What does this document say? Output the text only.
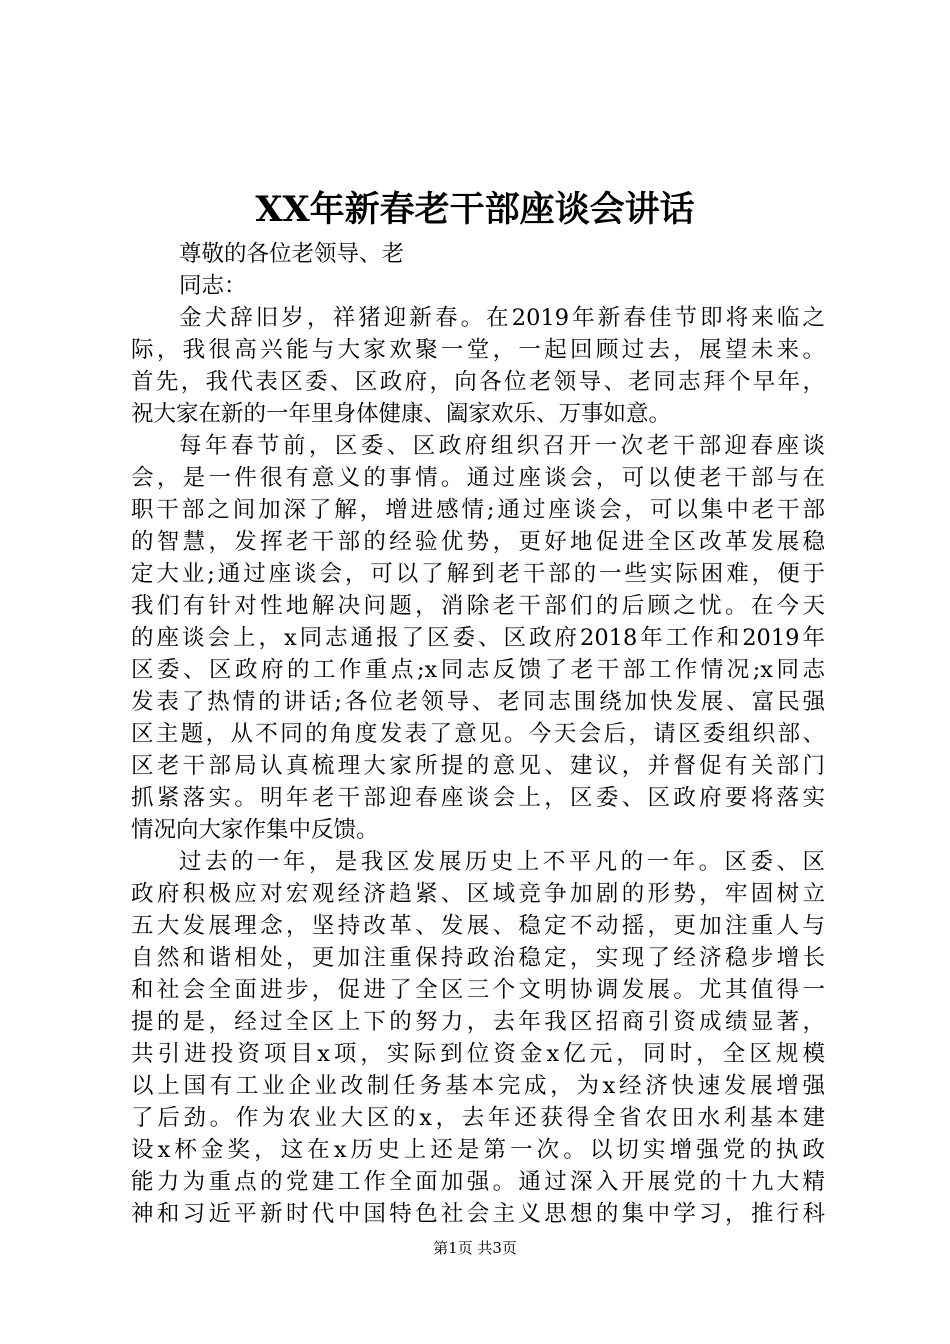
XX年新春老干部座谈会讲话

尊敬的各位老领导、老

同志：

金犬辞旧岁，祥猪迎新春。在2019年新春佳节即将来临之

际，我很高兴能与大家欢聚一堂，一起回顾过去，展望未来。

首先，我代表区委、区政府，向各位老领导、老同志拜个早年，

祝大家在新的一年里身体健康、阖家欢乐、万事如意。

每年春节前，区委、区政府组织召开一次老干部迎春座谈

会，是一件很有意义的事情。通过座谈会，可以使老干部与在

职干部之间加深了解，增进感情;通过座谈会，可以集中老干部

的智慧，发挥老干部的经验优势，更好地促进全区改革发展稳

定大业;通过座谈会，可以了解到老干部的一些实际困难，便于

我们有针对性地解决问题，消除老干部们的后顾之忧。在今天

的座谈会上，x同志通报了区委、区政府2018年工作和2019年

区委、区政府的工作重点;x同志反馈了老干部工作情况;x同志

发表了热情的讲话;各位老领导、老同志围绕加快发展、富民强

区主题，从不同的角度发表了意见。今天会后，请区委组织部、

区老干部局认真梳理大家所提的意见、建议，并督促有关部门

抓紧落实。明年老干部迎春座谈会上，区委、区政府要将落实

情况向大家作集中反馈。

过去的一年，是我区发展历史上不平凡的一年。区委、区

政府积极应对宏观经济趋紧、区域竞争加剧的形势，牢固树立

五大发展理念，坚持改革、发展、稳定不动摇，更加注重人与

自然和谐相处，更加注重保持政治稳定，实现了经济稳步增长

和社会全面进步，促进了全区三个文明协调发展。尤其值得一

提的是，经过全区上下的努力，去年我区招商引资成绩显著，

共引进投资项目x项，实际到位资金x亿元，同时，全区规模

以上国有工业企业改制任务基本完成，为x经济快速发展增强

了后劲。作为农业大区的x，去年还获得全省农田水利基本建

设x杯金奖，这在x历史上还是第一次。以切实增强党的执政

能力为重点的党建工作全面加强。通过深入开展党的十九大精

神和习近平新时代中国特色社会主义思想的集中学习，推行科

第1页 共3页
